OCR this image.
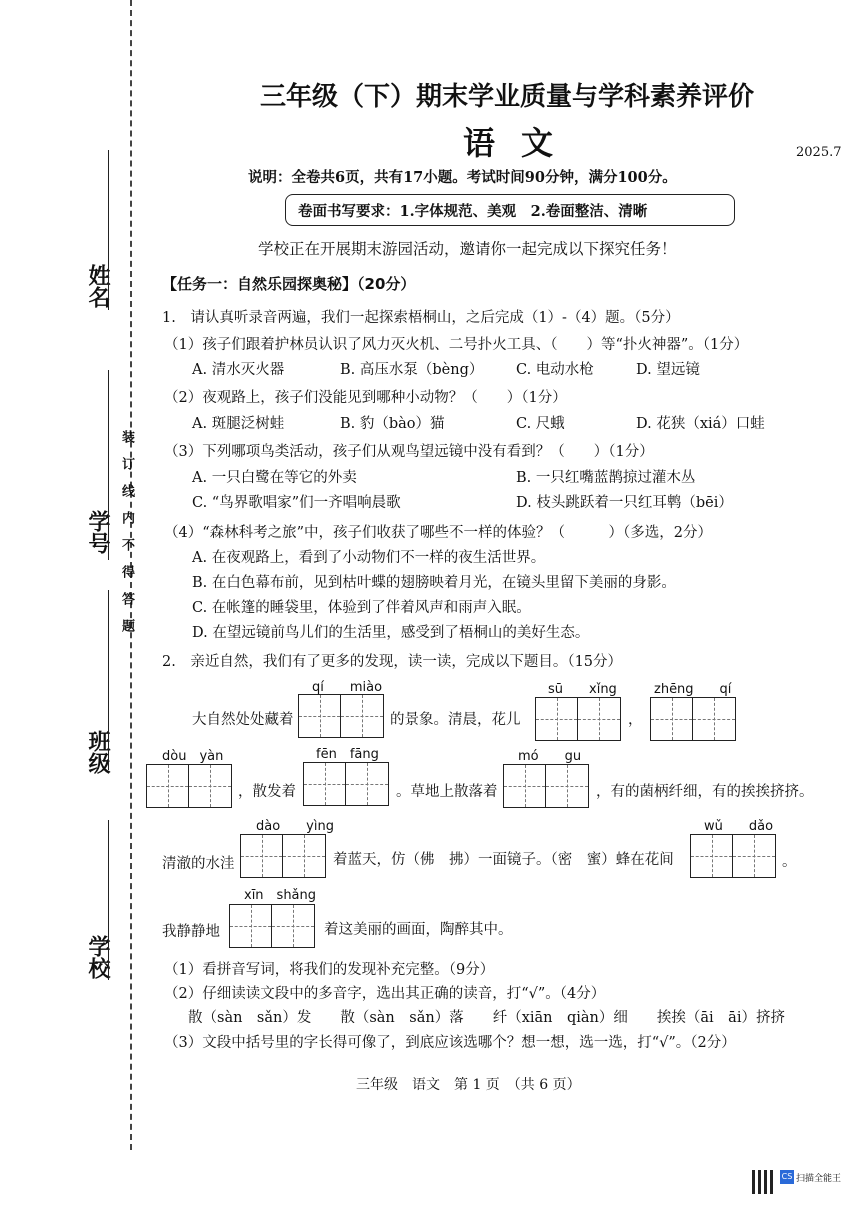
姓名
学号
班级
学校
装订线内不得答题
三年级（下）期末学业质量与学科素养评价
语文	2025.7
说明：全卷共6页，共有17小题。考试时间90分钟，满分100分。
卷面书写要求：1.字体规范、美观　2.卷面整洁、清晰
学校正在开展期末游园活动，邀请你一起完成以下探究任务！
【任务一：自然乐园探奥秘】（20分）
1.　请认真听录音两遍，我们一起探索梧桐山，之后完成（1）-（4）题。（5分）
（1）孩子们跟着护林员认识了风力灭火机、二号扑火工具、（　　）等“扑火神器”。（1分）
A. 清水灭火器	B. 高压水泵（bèng） C. 电动水枪	D. 望远镜
（2）夜观路上，孩子们没能见到哪种小动物？（　　）（1分）
A. 斑腿泛树蛙	B. 豹（bào）猫	C. 尺蛾	D. 花狭（xiá）口蛙
（3）下列哪项鸟类活动，孩子们从观鸟望远镜中没有看到？（　　）（1分）
A. 一只白鹭在等它的外卖	B. 一只红嘴蓝鹊掠过灌木丛
C. “鸟界歌唱家”们一齐唱响晨歌	D. 枝头跳跃着一只红耳鹎（bēi）
（4）“森林科考之旅”中，孩子们收获了哪些不一样的体验？（　　　）（多选，2分）
A. 在夜观路上，看到了小动物们不一样的夜生活世界。
B. 在白色幕布前，见到枯叶蝶的翅膀映着月光，在镜头里留下美丽的身影。
C. 在帐篷的睡袋里，体验到了伴着风声和雨声入眠。
D. 在望远镜前鸟儿们的生活里，感受到了梧桐山的美好生态。
2.　亲近自然，我们有了更多的发现，读一读，完成以下题目。（15分）
qí　　miào	sū　　xǐng	zhēng　　qí
大自然处处藏着	的景象。清晨，花儿	，
dòu　yàn	fēn　fāng	mó　　gu
，散发着	。草地上散落着	，有的菌柄纤细，有的挨挨挤挤。
dào　　yìng	wǔ　　dǎo
清澈的水洼	着蓝天，仿（佛　拂）一面镜子。（密　蜜）蜂在花间	。
xīn　shǎng
我静静地	着这美丽的画面，陶醉其中。
（1）看拼音写词，将我们的发现补充完整。（9分）
（2）仔细读读文段中的多音字，选出其正确的读音，打“√”。（4分）
散（sàn　sǎn）发　　散（sàn　sǎn）落　　纤（xiān　qiàn）细　　挨挨（āi　āi）挤挤
（3）文段中括号里的字长得可像了，到底应该选哪个？想一想，选一选，打“√”。（2分）
三年级　语文　第 1 页　（共 6 页）
CS 扫描全能王
